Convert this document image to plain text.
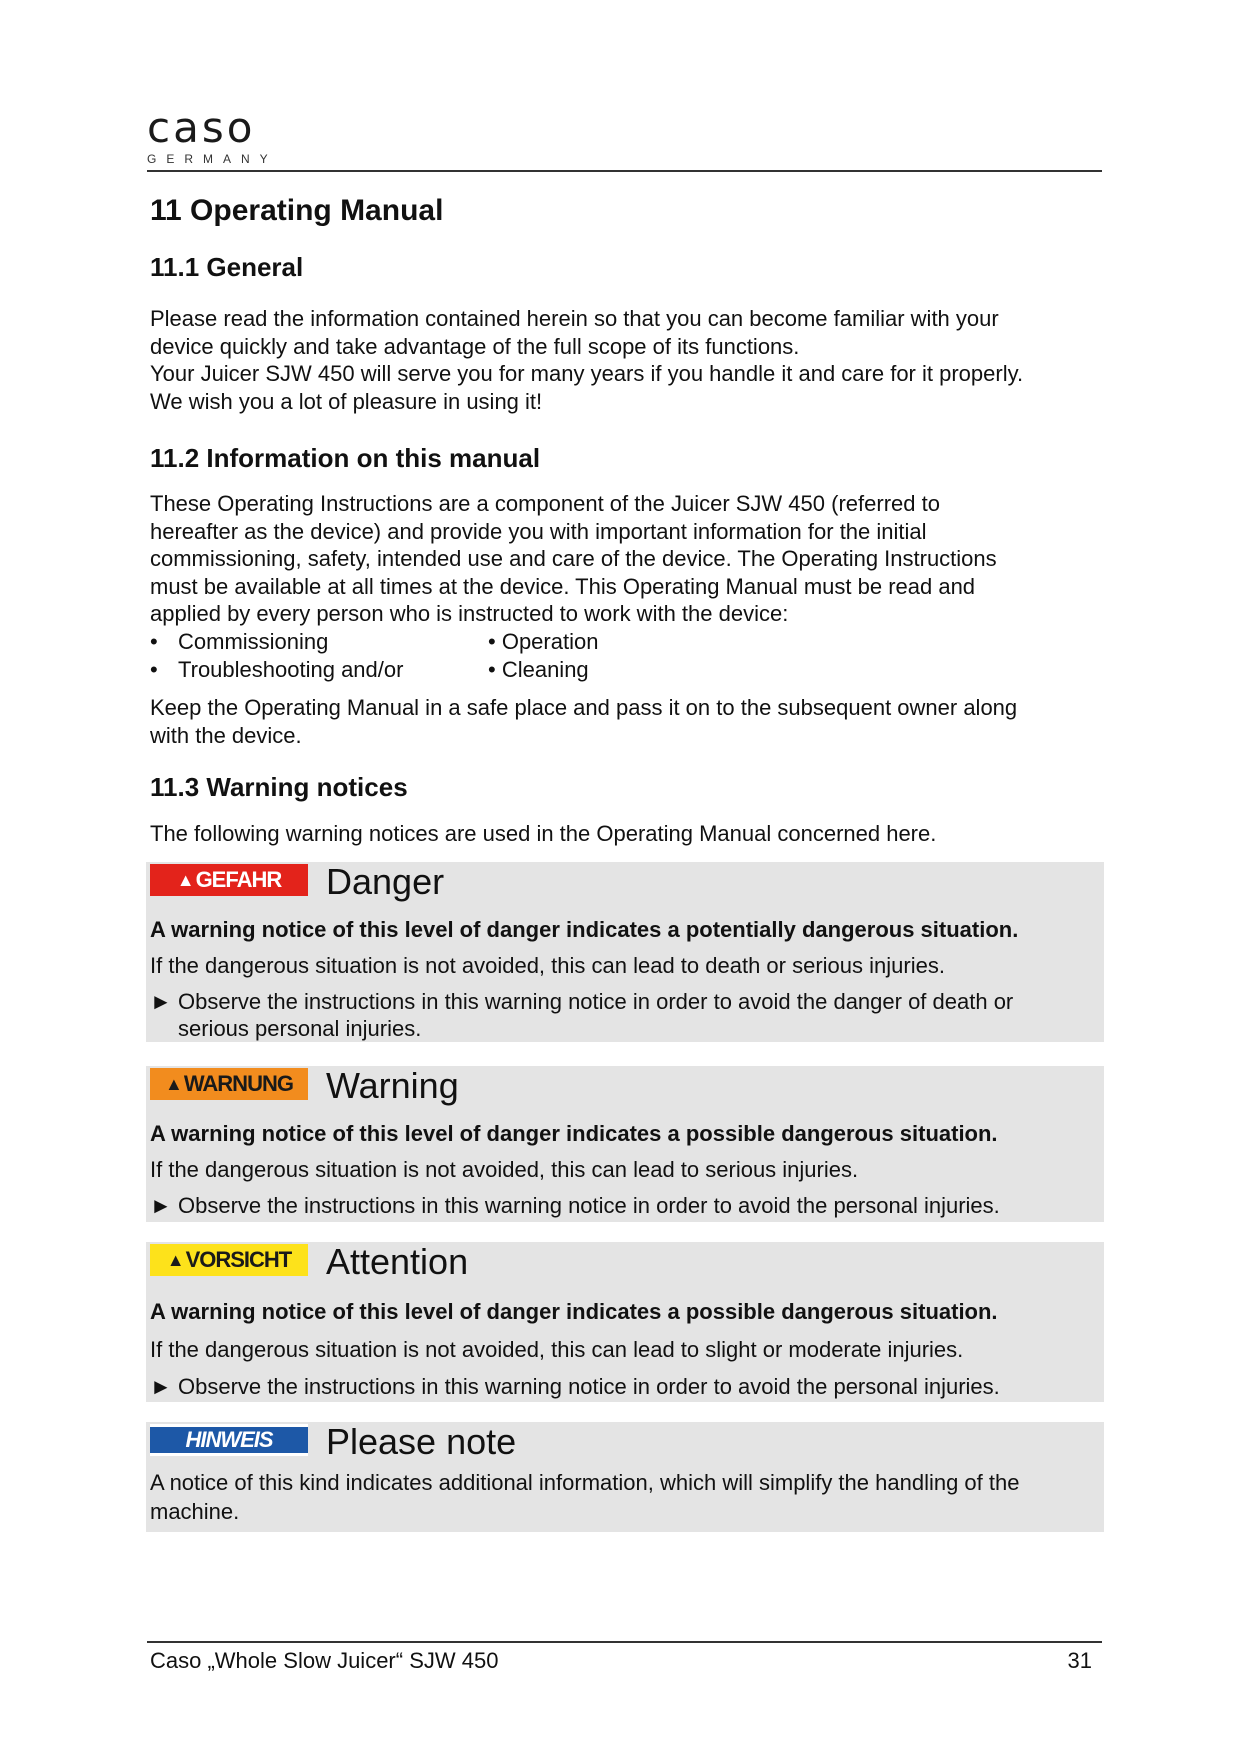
caso
GERMANY
11 Operating Manual
11.1 General
Please read the information contained herein so that you can become familiar with your
device quickly and take advantage of the full scope of its functions.
Your Juicer SJW 450 will serve you for many years if you handle it and care for it properly.
We wish you a lot of pleasure in using it!
11.2 Information on this manual
These Operating Instructions are a component of the Juicer SJW 450 (referred to
hereafter as the device) and provide you with important information for the initial
commissioning, safety, intended use and care of the device. The Operating Instructions
must be available at all times at the device. This Operating Manual must be read and
applied by every person who is instructed to work with the device:
• Commissioning	• Operation
• Troubleshooting and/or	• Cleaning
Keep the Operating Manual in a safe place and pass it on to the subsequent owner along
with the device.
11.3 Warning notices
The following warning notices are used in the Operating Manual concerned here.
▲ GEFAHR Danger
A warning notice of this level of danger indicates a potentially dangerous situation.
If the dangerous situation is not avoided, this can lead to death or serious injuries.
► Observe the instructions in this warning notice in order to avoid the danger of death or
serious personal injuries.
▲ WARNUNG Warning
A warning notice of this level of danger indicates a possible dangerous situation.
If the dangerous situation is not avoided, this can lead to serious injuries.
► Observe the instructions in this warning notice in order to avoid the personal injuries.
▲ VORSICHT Attention
A warning notice of this level of danger indicates a possible dangerous situation.
If the dangerous situation is not avoided, this can lead to slight or moderate injuries.
► Observe the instructions in this warning notice in order to avoid the personal injuries.
HINWEIS Please note
A notice of this kind indicates additional information, which will simplify the handling of the
machine.
Caso „Whole Slow Juicer“ SJW 450	31
